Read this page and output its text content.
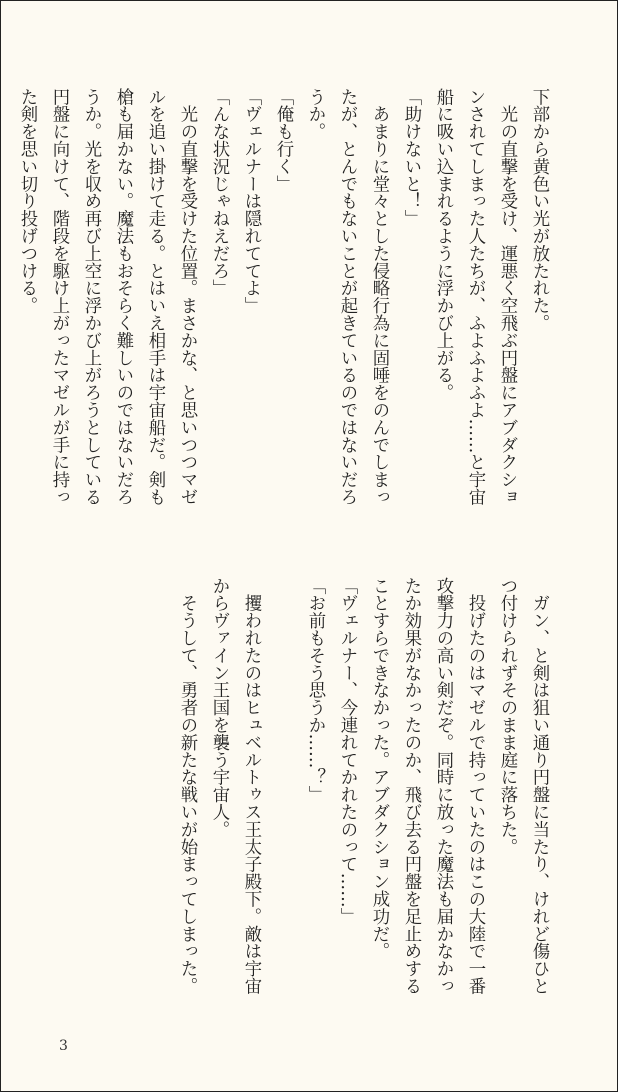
下部から黄色い光が放たれた。
　光の直撃を受け、運悪く空飛ぶ円盤にアブダクショ
ンされてしまった人たちが、ふよふよふよ……と宇宙
船に吸い込まれるように浮かび上がる。
「助けないと！」
　あまりに堂々とした侵略行為に固唾をのんでしまっ
たが、とんでもないことが起きているのではないだろ
うか。
「俺も行く」
「ヴェルナーは隠れててよ」
「んな状況じゃねえだろ」
　光の直撃を受けた位置。まさかな、と思いつつマゼ
ルを追い掛けて走る。とはいえ相手は宇宙船だ。剣も
槍も届かない。魔法もおそらく難しいのではないだろ
うか。光を収め再び上空に浮かび上がろうとしている
円盤に向けて、階段を駆け上がったマゼルが手に持っ
た剣を思い切り投げつける。
　ガン、と剣は狙い通り円盤に当たり、けれど傷ひと
つ付けられずそのまま庭に落ちた。
　投げたのはマゼルで持っていたのはこの大陸で一番
攻撃力の高い剣だぞ。同時に放った魔法も届かなかっ
たか効果がなかったのか、飛び去る円盤を足止めする
ことすらできなかった。アブダクション成功だ。
「ヴェルナー、今連れてかれたのって……」
「お前もそう思うか……？」

　攫われたのはヒュベルトゥス王太子殿下。敵は宇宙
からヴァイン王国を襲う宇宙人。
　そうして、勇者の新たな戦いが始まってしまった。
3
